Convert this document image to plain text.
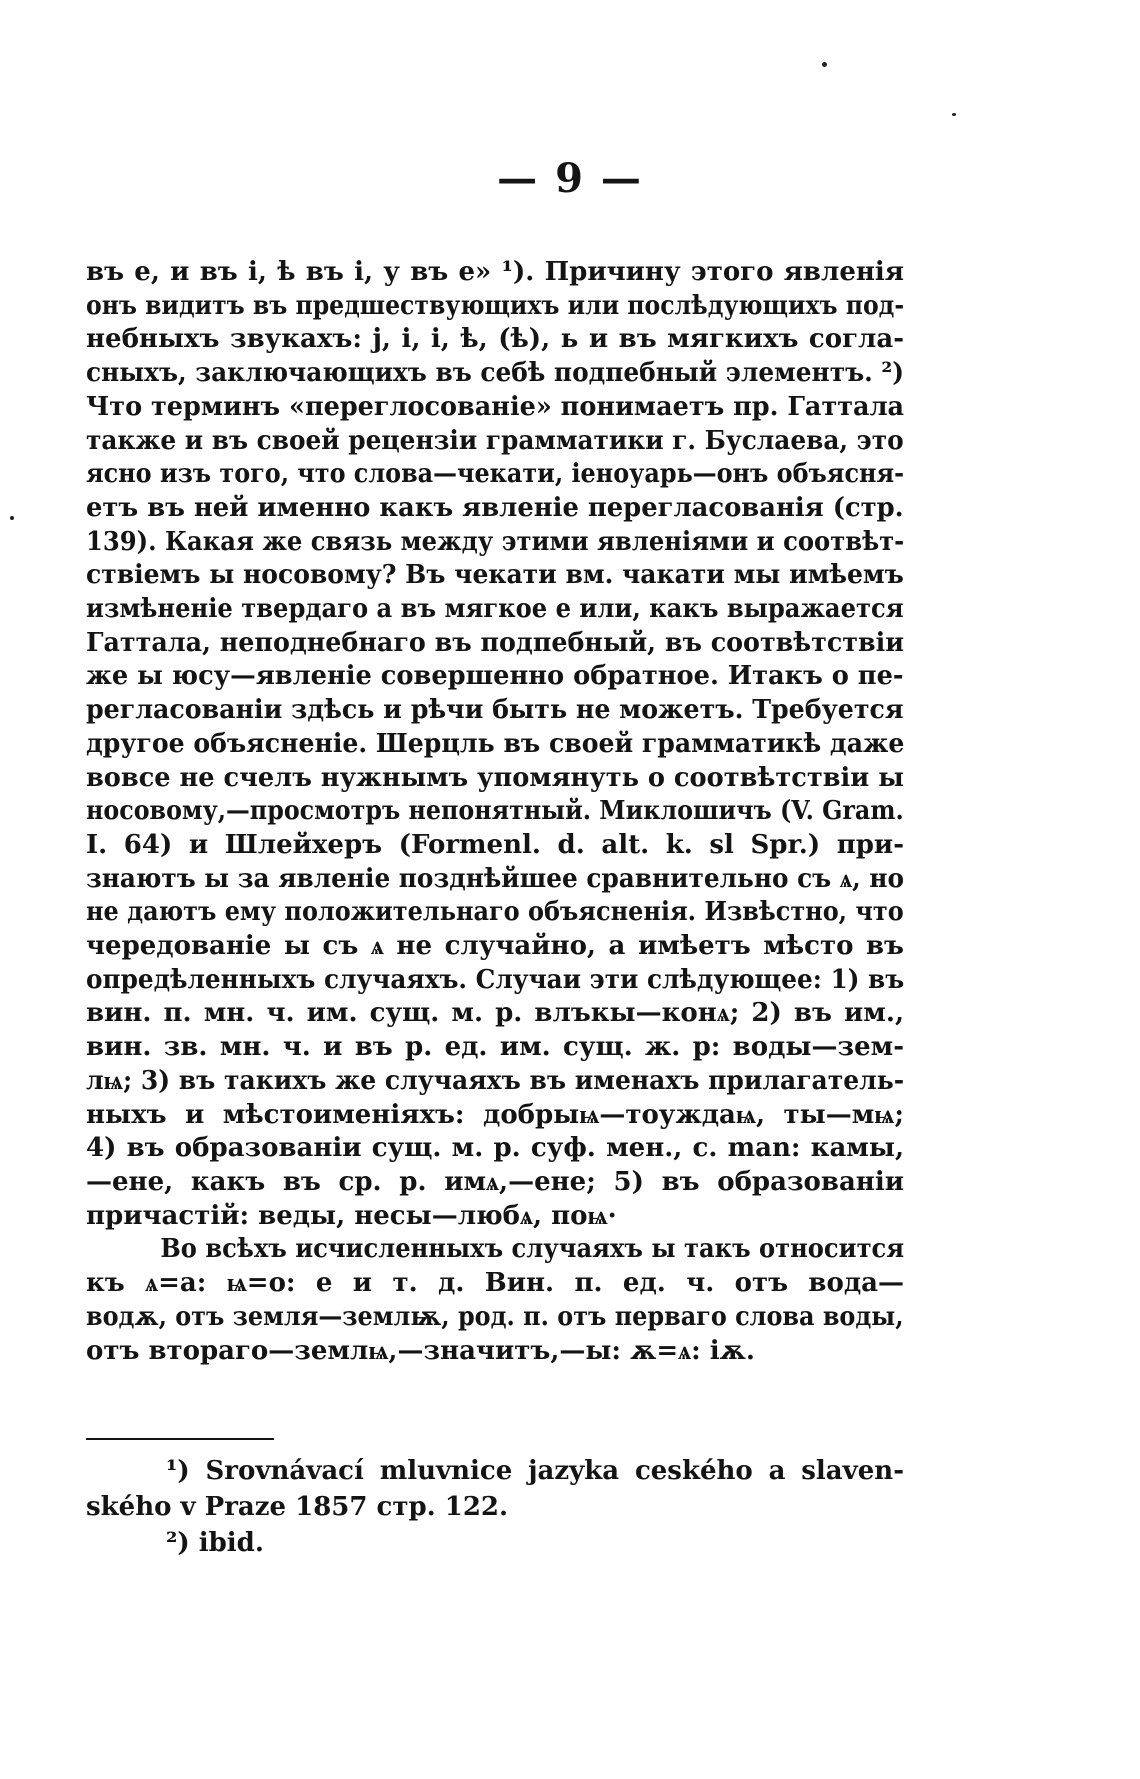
— 9 —
въ е, и въ і, ѣ въ і, у въ е» ¹). Причину этого явленія
онъ видитъ въ предшествующихъ или послѣдующихъ под-
небныхъ звукахъ: j, і, і, ѣ, (ѣ), ь и въ мягкихъ согла-
сныхъ, заключающихъ въ себѣ подпебный элементъ. ²)
Что терминъ «переглосованіе» понимаетъ пр. Гаттала
также и въ своей рецензіи грамматики г. Буслаева, это
ясно изъ того, что слова—чекати, іеноуарь—онъ объясня-
етъ въ ней именно какъ явленіе перегласованія (стр.
139). Какая же связь между этими явленіями и соотвѣт-
ствіемъ ы носовому? Въ чекати вм. чакати мы имѣемъ
измѣненіе твердаго а въ мягкое е или, какъ выражается
Гаттала, неподнебнаго въ подпебный, въ соотвѣтствіи
же ы юсу—явленіе совершенно обратное. Итакъ о пе-
регласованіи здѣсь и рѣчи быть не можетъ. Требуется
другое объясненіе. Шерцль въ своей грамматикѣ даже
вовсе не счелъ нужнымъ упомянуть о соотвѣтствіи ы
носовому,—просмотръ непонятный. Миклошичъ (V. Gram.
I. 64) и Шлейхеръ (Formenl. d. alt. k. sl Spr.) при-
знаютъ ы за явленіе позднѣйшее сравнительно съ ѧ, но
не даютъ ему положительнаго объясненія. Извѣстно, что
чередованіе ы съ ѧ не случайно, а имѣетъ мѣсто въ
опредѣленныхъ случаяхъ. Случаи эти слѣдующее: 1) въ
вин. п. мн. ч. им. сущ. м. р. влъкы—конѧ; 2) въ им.,
вин. зв. мн. ч. и въ р. ед. им. сущ. ж. р: воды—зем-
лѩ; 3) въ такихъ же случаяхъ въ именахъ прилагатель-
ныхъ и мѣстоименіяхъ: добрыѩ—тоуждаѩ, ты—мѩ;
4) въ образованіи сущ. м. р. суф. мен., с. man: камы,
—ене, какъ въ ср. р. имѧ,—ене; 5) въ образованіи
причастій: веды, несы—любѧ, поѩ·
Во всѣхъ исчисленныхъ случаяхъ ы такъ относится
къ ѧ=а: ѩ=о: е и т. д. Вин. п. ед. ч. отъ вода—
водѫ, отъ земля—землѭ, род. п. отъ перваго слова воды,
отъ втораго—землѩ,—значитъ,—ы: ѫ=ѧ: іѫ.
¹) Srovnávací mluvnice jazyka ceského a slaven-
ského v Praze 1857 стр. 122.
²) ibid.
